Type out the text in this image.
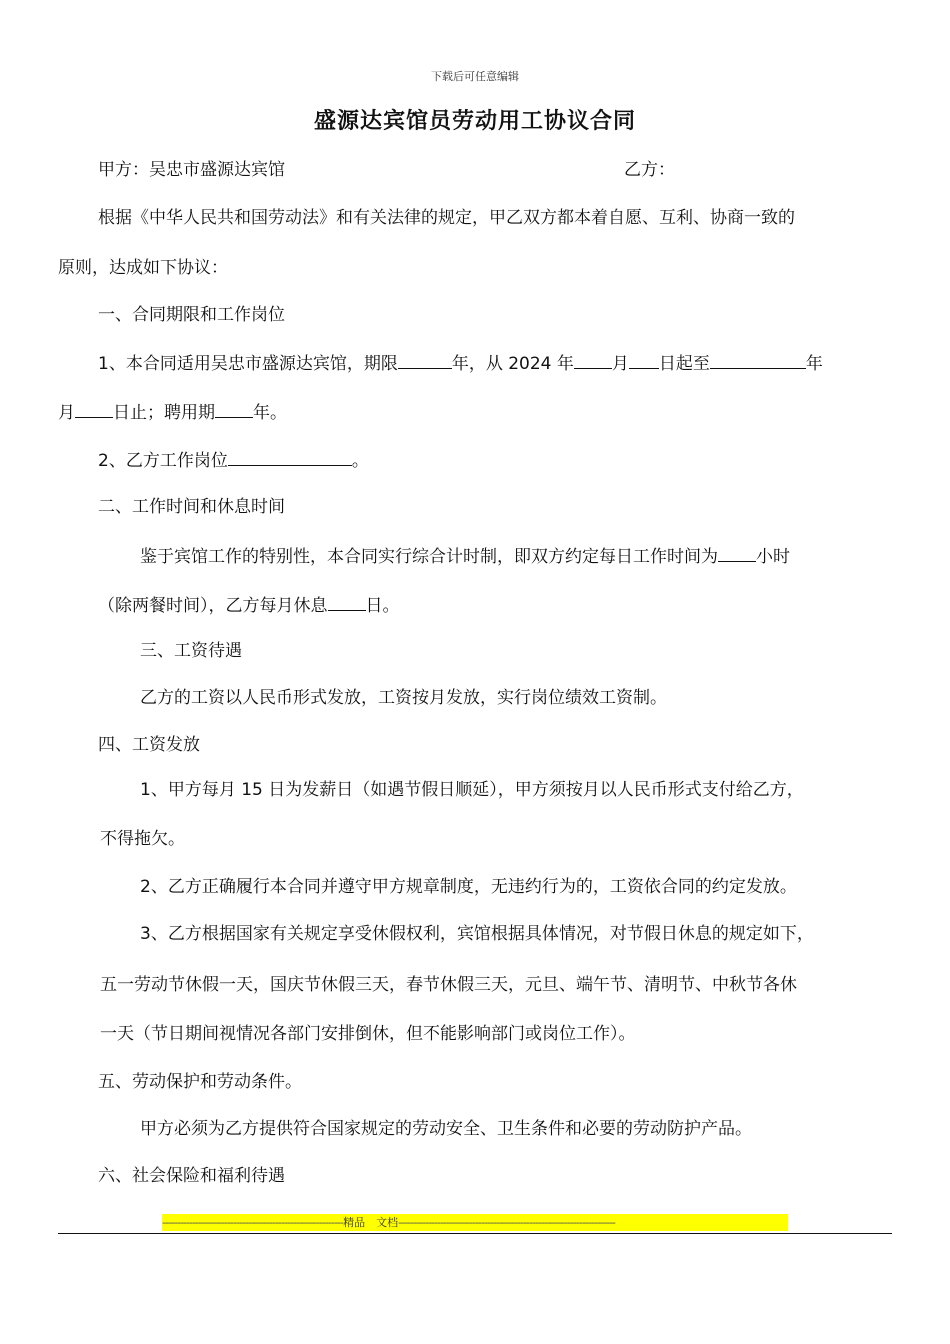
下载后可任意编辑
盛源达宾馆员劳动用工协议合同
甲方：吴忠市盛源达宾馆	乙方：
根据《中华人民共和国劳动法》和有关法律的规定，甲乙双方都本着自愿、互利、协商一致的
原则，达成如下协议：
一、合同期限和工作岗位
1、本合同适用吴忠市盛源达宾馆，期限	年，从 2024 年 月 日起至	年
月 日止；聘用期 年。
2、乙方工作岗位	。
二、工作时间和休息时间
鉴于宾馆工作的特别性，本合同实行综合计时制，即双方约定每日工作时间为 小时
（除两餐时间），乙方每月休息 日。
三、工资待遇
乙方的工资以人民币形式发放，工资按月发放，实行岗位绩效工资制。
四、工资发放
1、甲方每月 15 日为发薪日（如遇节假日顺延），甲方须按月以人民币形式支付给乙方，
不得拖欠。
2、乙方正确履行本合同并遵守甲方规章制度，无违约行为的，工资依合同的约定发放。
3、乙方根据国家有关规定享受休假权利，宾馆根据具体情况，对节假日休息的规定如下，
五一劳动节休假一天，国庆节休假三天，春节休假三天，元旦、端午节、清明节、中秋节各休
一天（节日期间视情况各部门安排倒休，但不能影响部门或岗位工作）。
五、劳动保护和劳动条件。
甲方必须为乙方提供符合国家规定的劳动安全、卫生条件和必要的劳动防护产品。
六、社会保险和福利待遇
-------------------------------------------------------------精品　文档-------------------------------------------------------------------------
